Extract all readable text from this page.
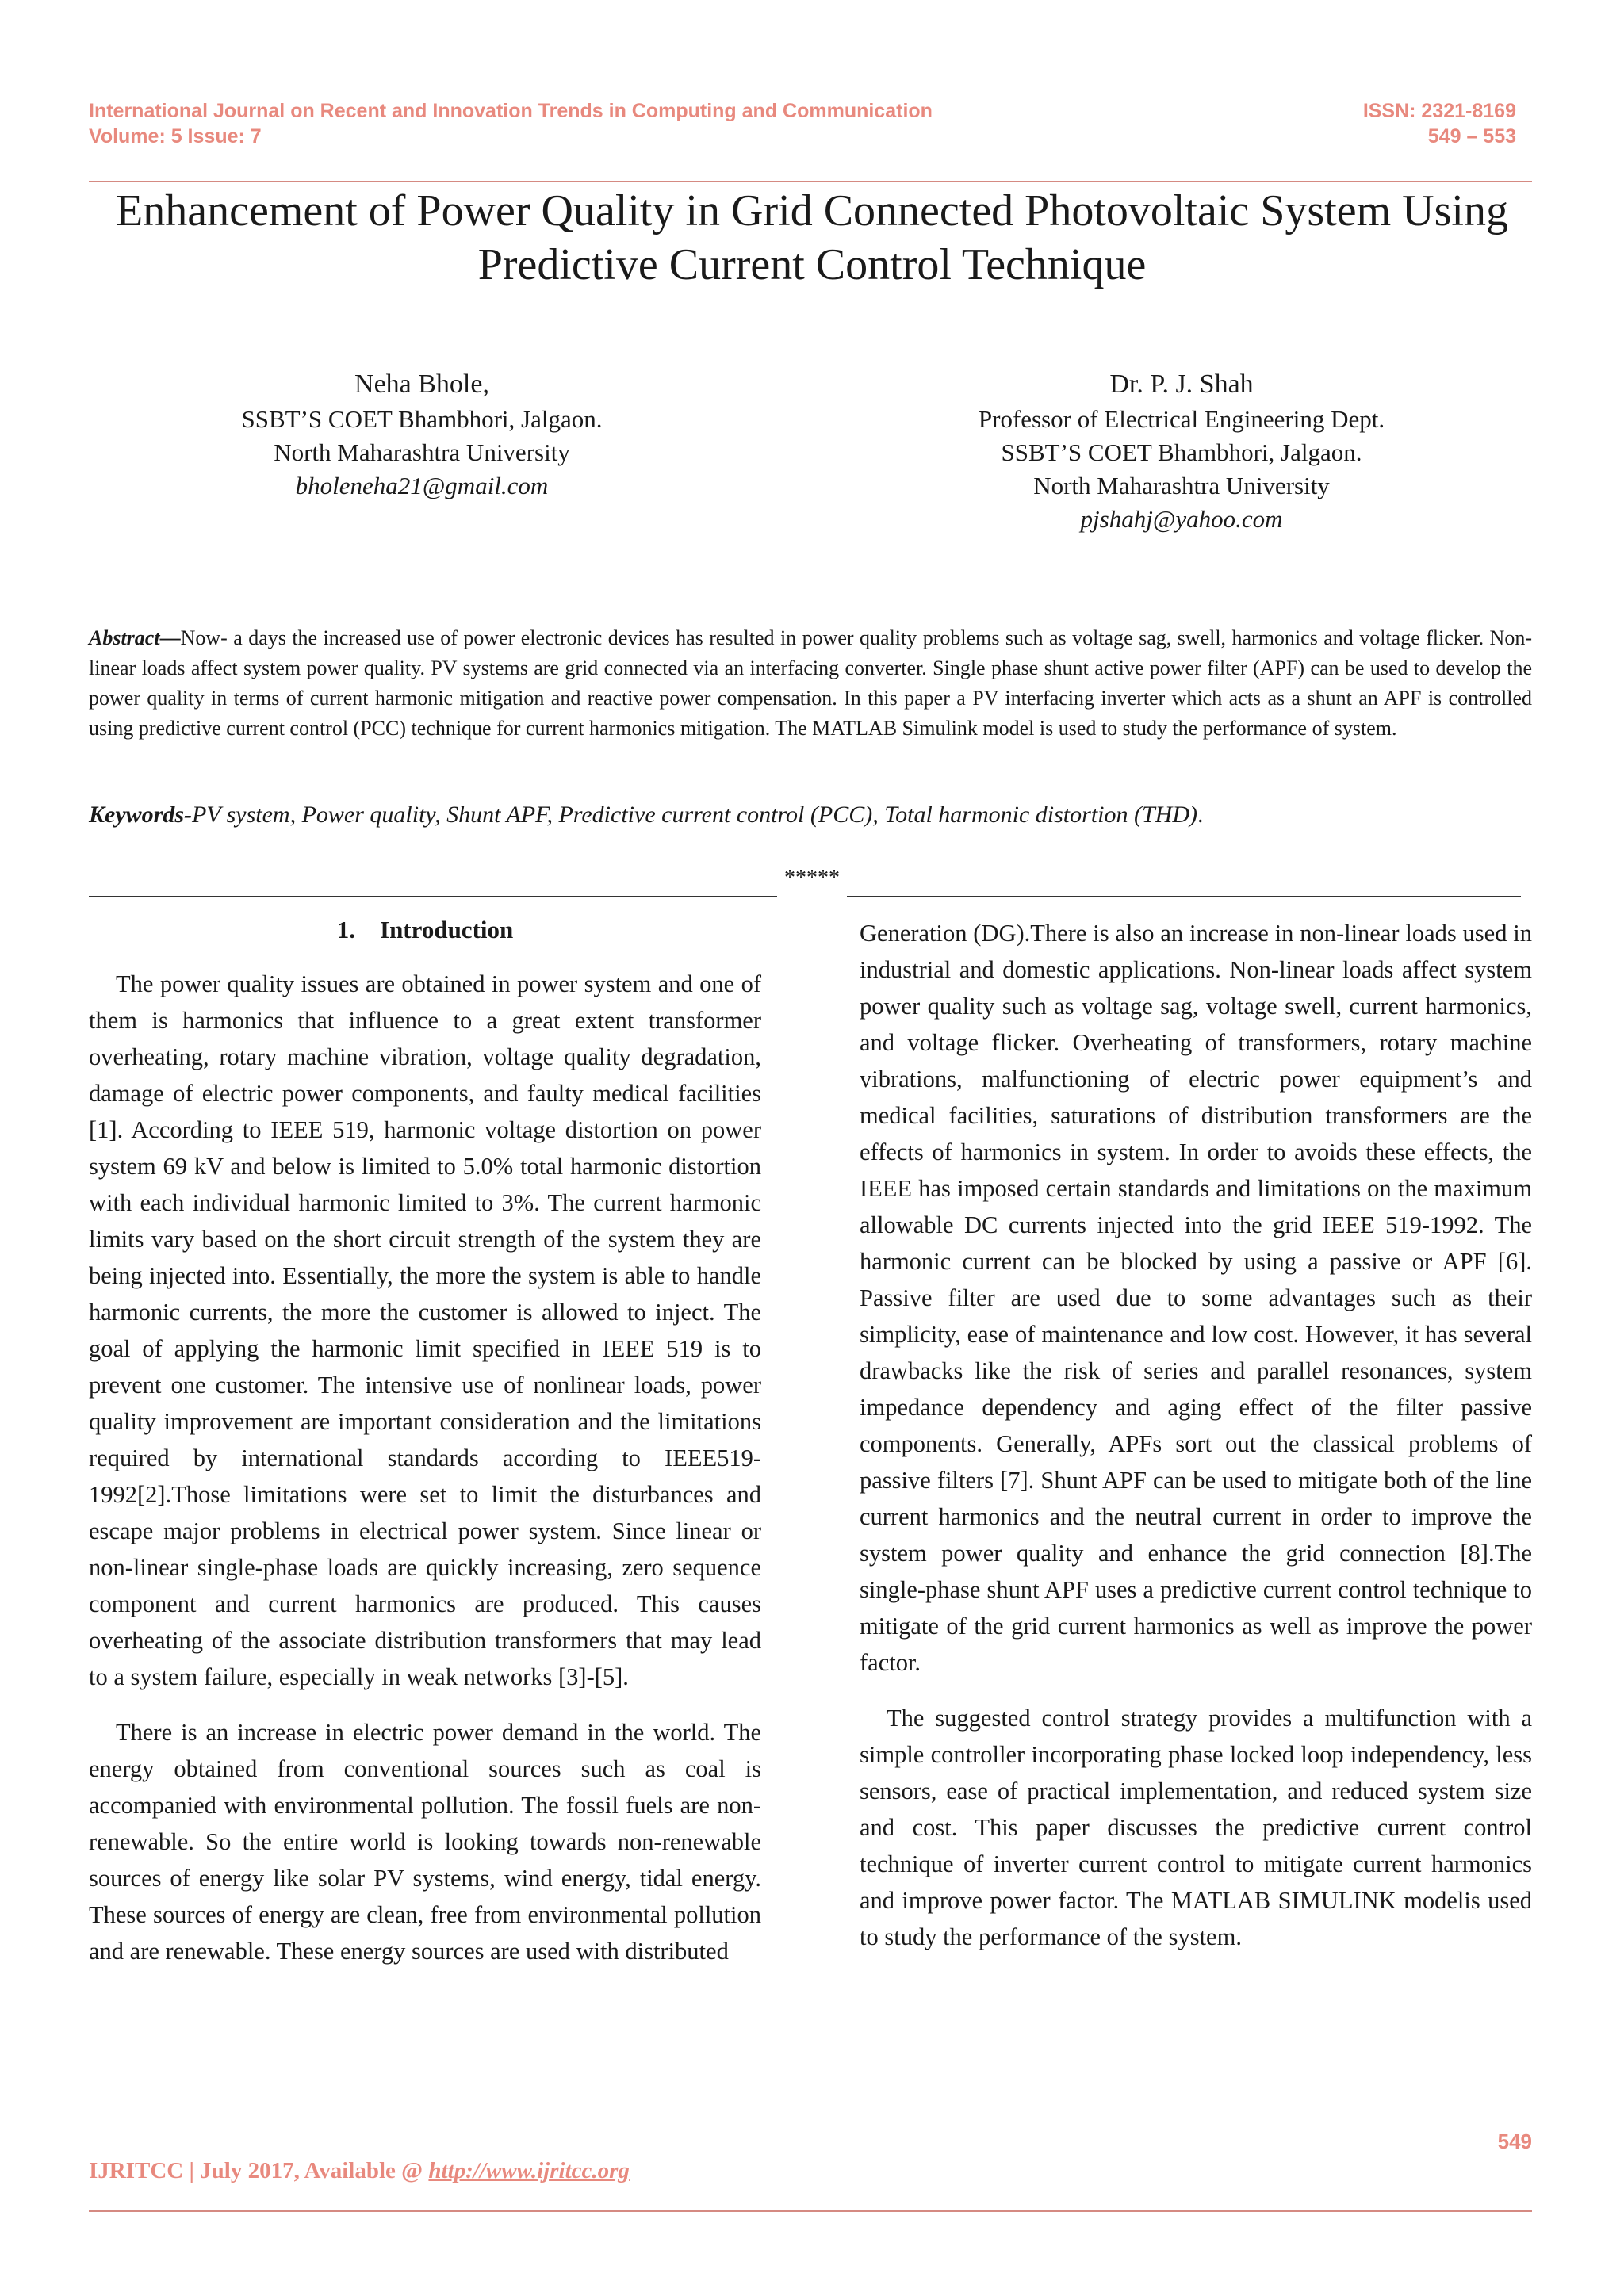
International Journal on Recent and Innovation Trends in Computing and Communication	ISSN: 2321-8169
Volume: 5 Issue: 7	549 – 553
Enhancement of Power Quality in Grid Connected Photovoltaic System Using
Predictive Current Control Technique
Neha Bhole,
SSBT’S COET Bhambhori, Jalgaon.
North Maharashtra University
bholeneha21@gmail.com
Dr. P. J. Shah
Professor of Electrical Engineering Dept.
SSBT’S COET Bhambhori, Jalgaon.
North Maharashtra University
pjshahj@yahoo.com
Abstract—Now- a days the increased use of power electronic devices has resulted in power quality problems such as voltage sag, swell, harmonics and voltage flicker. Non-linear loads affect system power quality. PV systems are grid connected via an interfacing converter. Single phase shunt active power filter (APF) can be used to develop the power quality in terms of current harmonic mitigation and reactive power compensation. In this paper a PV interfacing inverter which acts as a shunt an APF is controlled using predictive current control (PCC) technique for current harmonics mitigation. The MATLAB Simulink model is used to study the performance of system.
Keywords-PV system, Power quality, Shunt APF, Predictive current control (PCC), Total harmonic distortion (THD).
*****
1. Introduction

The power quality issues are obtained in power system and one of them is harmonics that influence to a great extent transformer overheating, rotary machine vibration, voltage quality degradation, damage of electric power components, and faulty medical facilities [1]. According to IEEE 519, harmonic voltage distortion on power system 69 kV and below is limited to 5.0% total harmonic distortion with each individual harmonic limited to 3%. The current harmonic limits vary based on the short circuit strength of the system they are being injected into. Essentially, the more the system is able to handle harmonic currents, the more the customer is allowed to inject. The goal of applying the harmonic limit specified in IEEE 519 is to prevent one customer. The intensive use of nonlinear loads, power quality improvement are important consideration and the limitations required by international standards according to IEEE519-1992[2].Those limitations were set to limit the disturbances and escape major problems in electrical power system. Since linear or non-linear single-phase loads are quickly increasing, zero sequence component and current harmonics are produced. This causes overheating of the associate distribution transformers that may lead to a system failure, especially in weak networks [3]-[5].

There is an increase in electric power demand in the world. The energy obtained from conventional sources such as coal is accompanied with environmental pollution. The fossil fuels are non-renewable. So the entire world is looking towards non-renewable sources of energy like solar PV systems, wind energy, tidal energy. These sources of energy are clean, free from environmental pollution and are renewable. These energy sources are used with distributed

Generation (DG).There is also an increase in non-linear loads used in industrial and domestic applications. Non-linear loads affect system power quality such as voltage sag, voltage swell, current harmonics, and voltage flicker. Overheating of transformers, rotary machine vibrations, malfunctioning of electric power equipment’s and medical facilities, saturations of distribution transformers are the effects of harmonics in system. In order to avoids these effects, the IEEE has imposed certain standards and limitations on the maximum allowable DC currents injected into the grid IEEE 519-1992. The harmonic current can be blocked by using a passive or APF [6]. Passive filter are used due to some advantages such as their simplicity, ease of maintenance and low cost. However, it has several drawbacks like the risk of series and parallel resonances, system impedance dependency and aging effect of the filter passive components. Generally, APFs sort out the classical problems of passive filters [7]. Shunt APF can be used to mitigate both of the line current harmonics and the neutral current in order to improve the system power quality and enhance the grid connection [8].The single-phase shunt APF uses a predictive current control technique to mitigate of the grid current harmonics as well as improve the power factor.

The suggested control strategy provides a multifunction with a simple controller incorporating phase locked loop independency, less sensors, ease of practical implementation, and reduced system size and cost. This paper discusses the predictive current control technique of inverter current control to mitigate current harmonics and improve power factor. The MATLAB SIMULINK modelis used to study the performance of the system.

549
IJRITCC | July 2017, Available @ http://www.ijritcc.org
